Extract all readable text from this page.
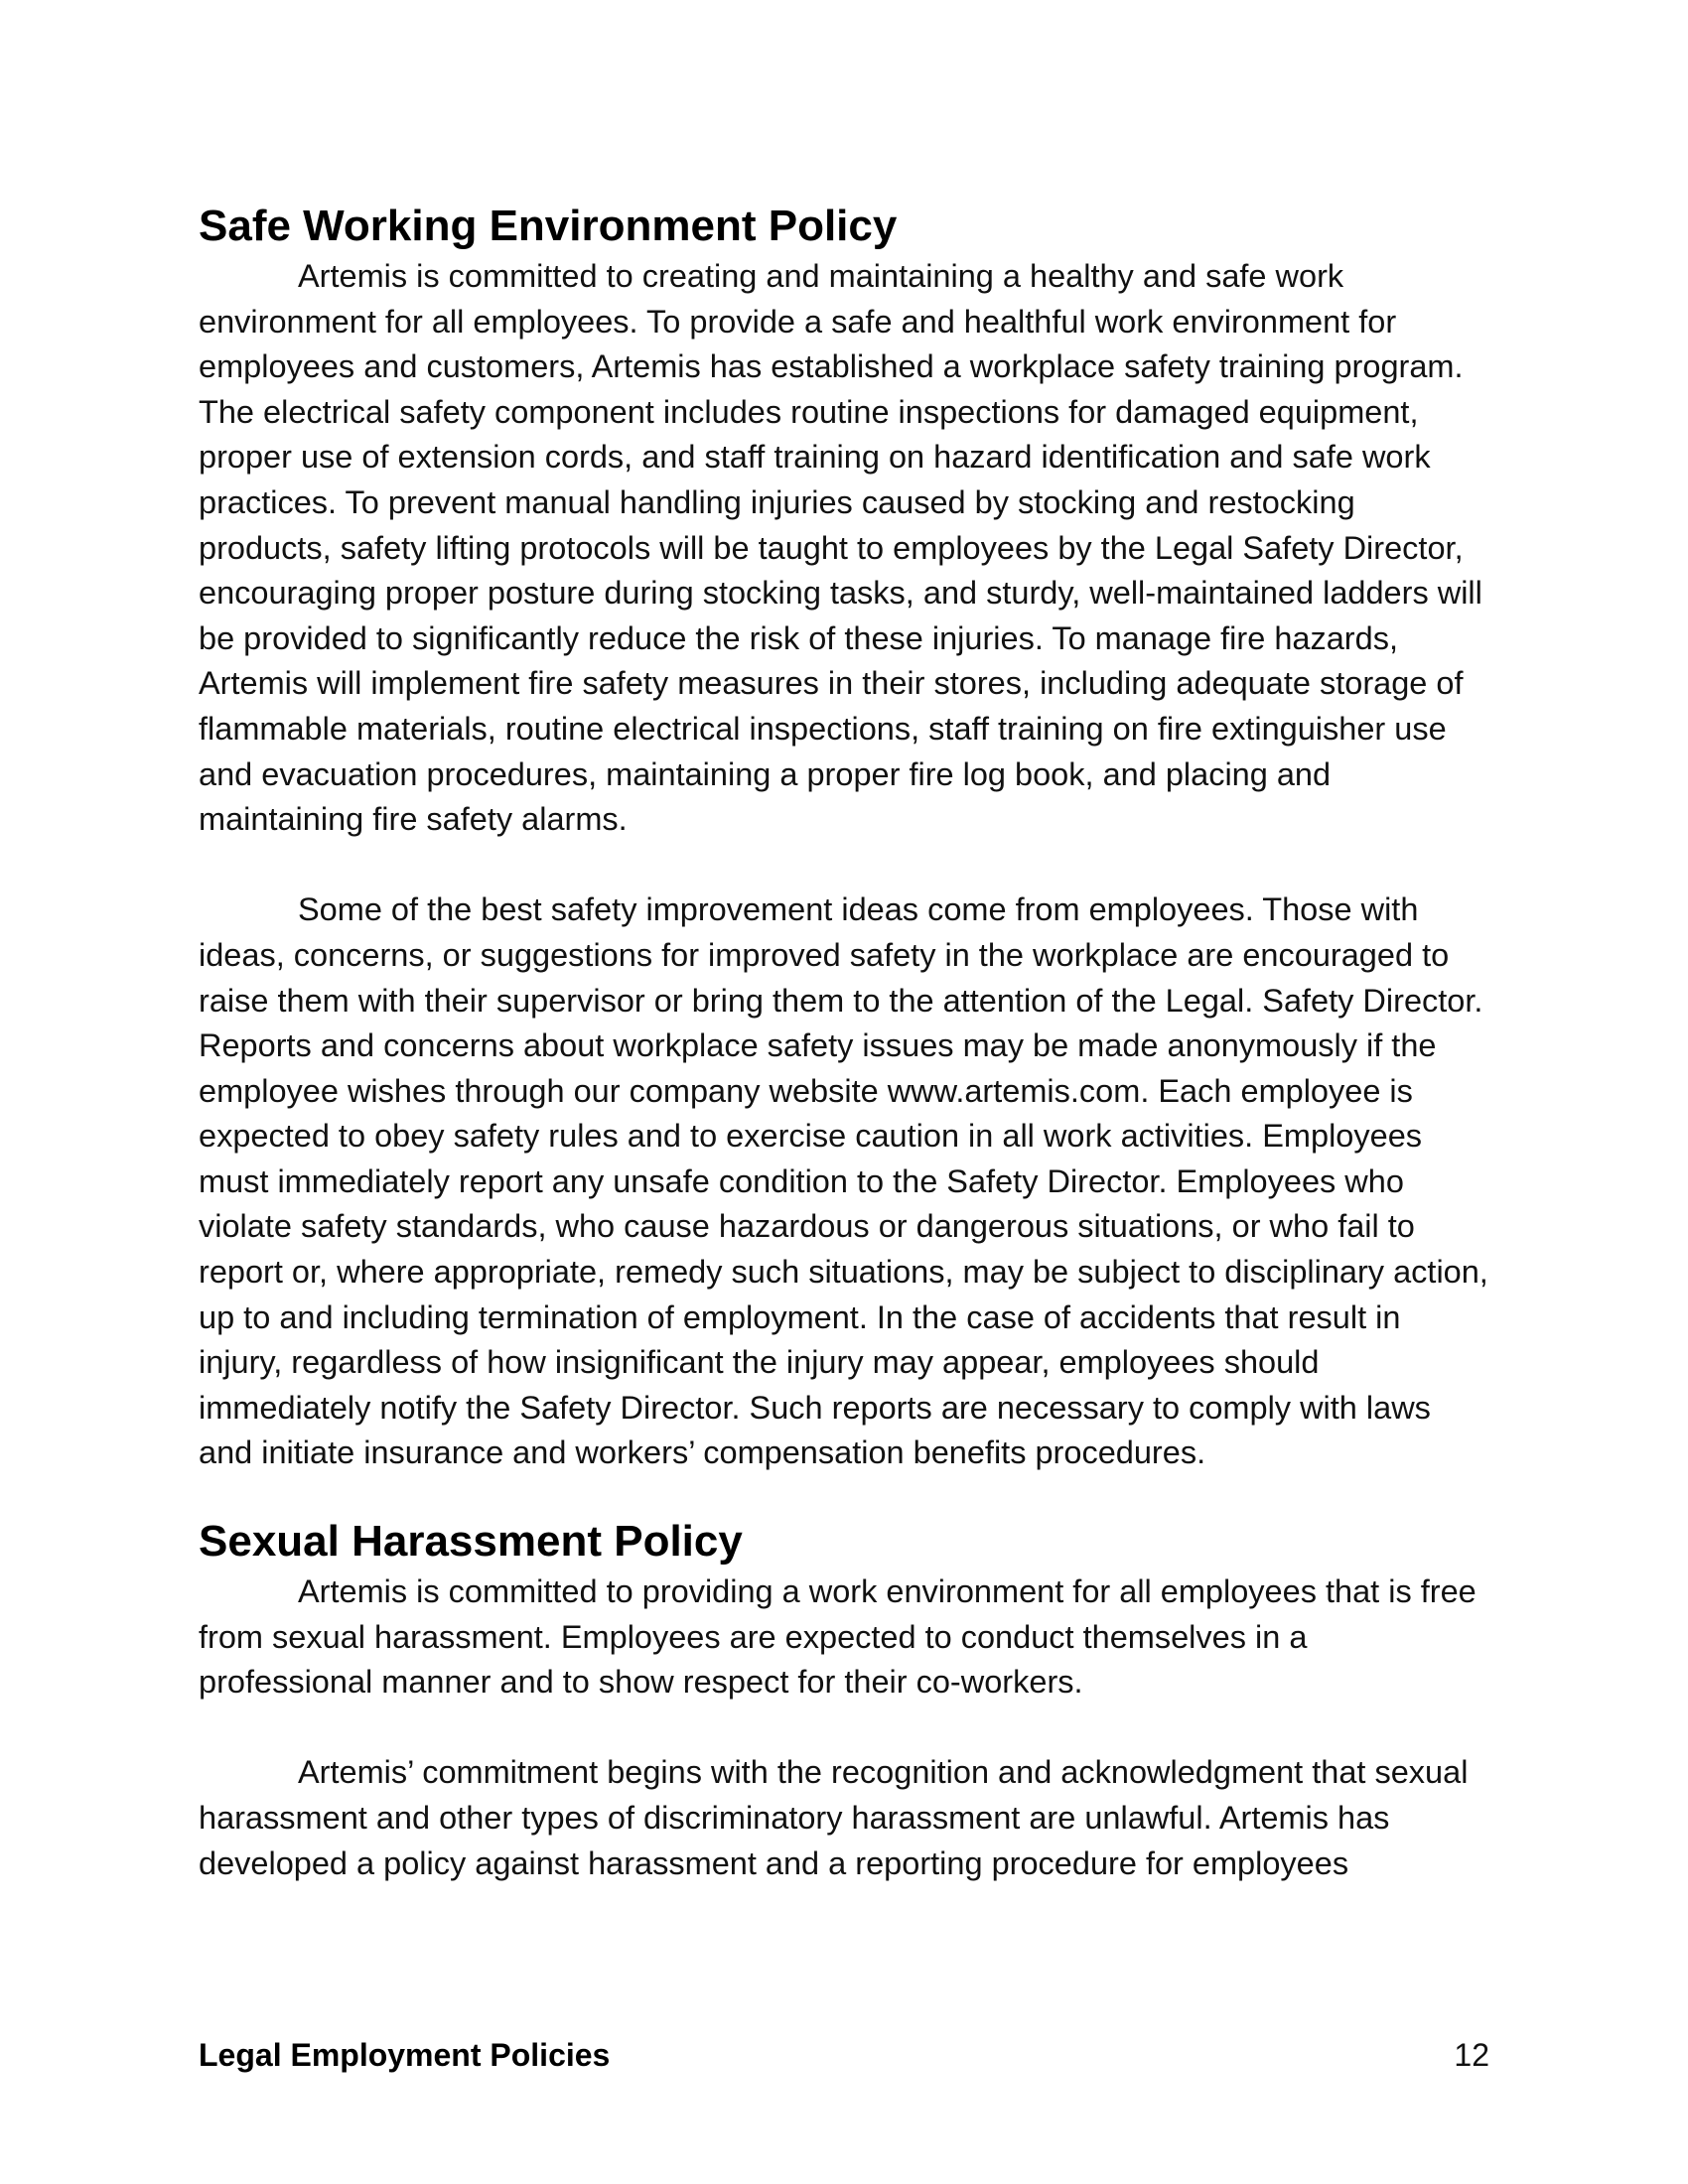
Safe Working Environment Policy

Artemis is committed to creating and maintaining a healthy and safe work environment for all employees. To provide a safe and healthful work environment for employees and customers, Artemis has established a workplace safety training program. The electrical safety component includes routine inspections for damaged equipment, proper use of extension cords, and staff training on hazard identification and safe work practices. To prevent manual handling injuries caused by stocking and restocking products, safety lifting protocols will be taught to employees by the Legal Safety Director, encouraging proper posture during stocking tasks, and sturdy, well-maintained ladders will be provided to significantly reduce the risk of these injuries. To manage fire hazards, Artemis will implement fire safety measures in their stores, including adequate storage of flammable materials, routine electrical inspections, staff training on fire extinguisher use and evacuation procedures, maintaining a proper fire log book, and placing and maintaining fire safety alarms.

Some of the best safety improvement ideas come from employees. Those with ideas, concerns, or suggestions for improved safety in the workplace are encouraged to raise them with their supervisor or bring them to the attention of the Legal. Safety Director. Reports and concerns about workplace safety issues may be made anonymously if the employee wishes through our company website www.artemis.com. Each employee is expected to obey safety rules and to exercise caution in all work activities. Employees must immediately report any unsafe condition to the Safety Director. Employees who violate safety standards, who cause hazardous or dangerous situations, or who fail to report or, where appropriate, remedy such situations, may be subject to disciplinary action, up to and including termination of employment. In the case of accidents that result in injury, regardless of how insignificant the injury may appear, employees should immediately notify the Safety Director. Such reports are necessary to comply with laws and initiate insurance and workers’ compensation benefits procedures.

Sexual Harassment Policy

Artemis is committed to providing a work environment for all employees that is free from sexual harassment. Employees are expected to conduct themselves in a professional manner and to show respect for their co-workers.

Artemis’ commitment begins with the recognition and acknowledgment that sexual harassment and other types of discriminatory harassment are unlawful. Artemis has developed a policy against harassment and a reporting procedure for employees

Legal Employment Policies	12
